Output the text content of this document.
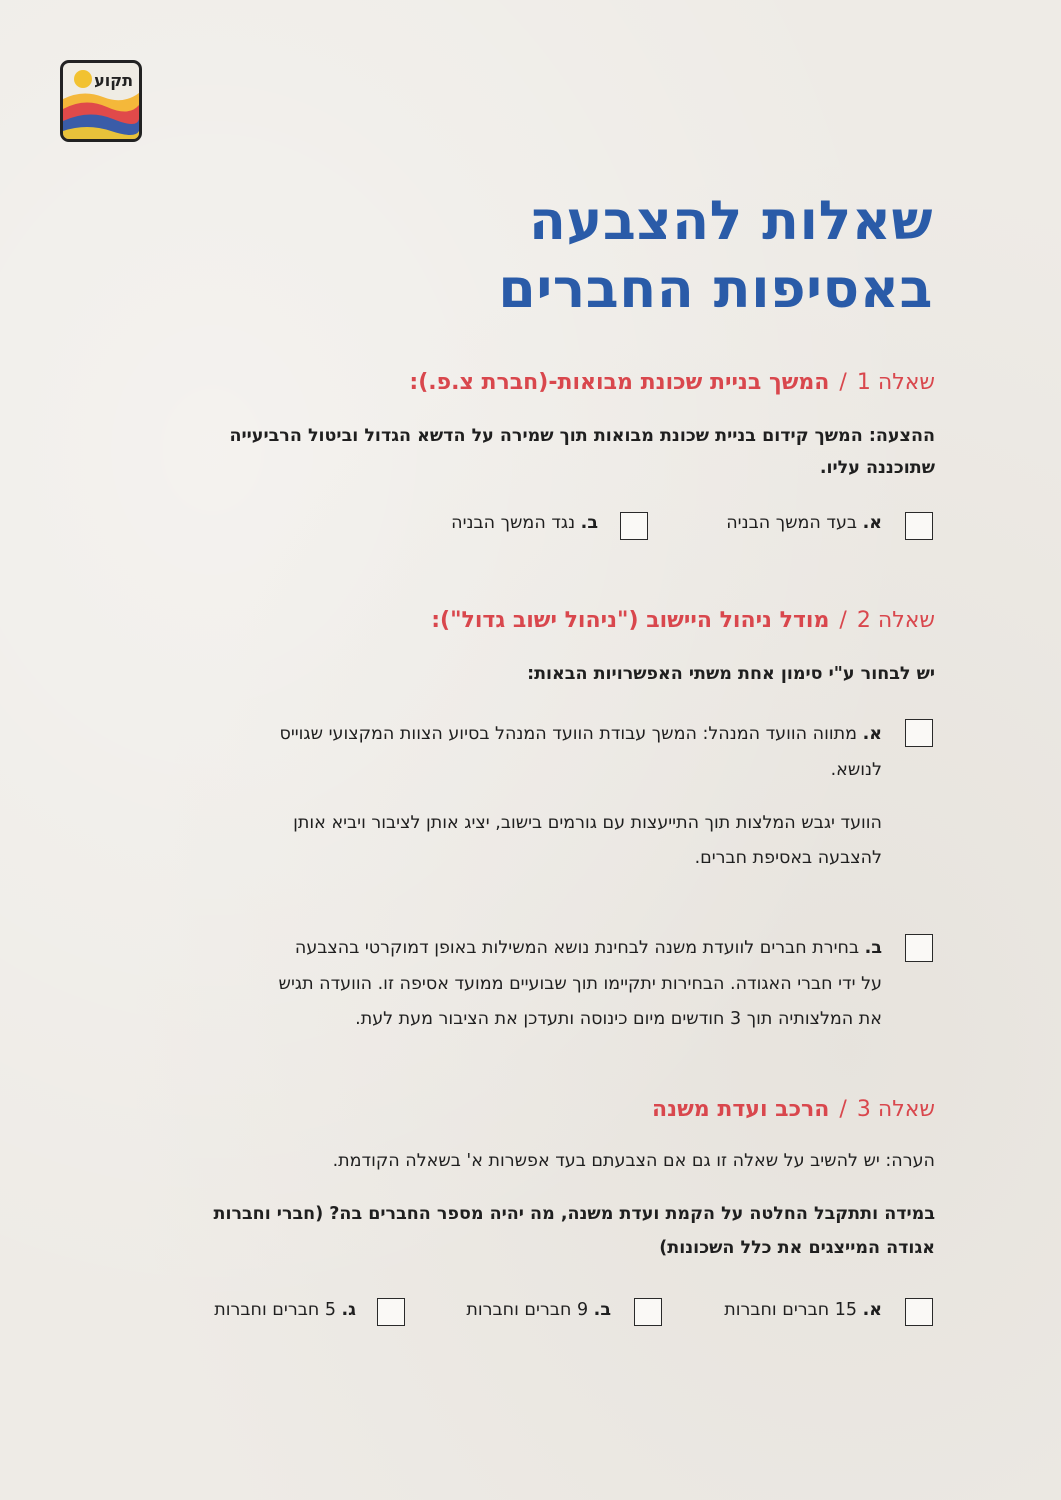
תקוע
שאלות להצבעה
באסיפות החברים
שאלה 1/המשך בניית שכונת מבואות-(חברת צ.פ.):
ההצעה: המשך קידום בניית שכונת מבואות תוך שמירה על הדשא הגדול וביטול הרביעייה
שתוכננה עליו.
א. בעד המשך הבניה
ב. נגד המשך הבניה
שאלה 2/מודל ניהול היישוב ("ניהול ישוב גדול"):
יש לבחור ע"י סימון אחת משתי האפשרויות הבאות:
א. מתווה הוועד המנהל: המשך עבודת הוועד המנהל בסיוע הצוות המקצועי שגוייס
לנושא.
הוועד יגבש המלצות תוך התייעצות עם גורמים בישוב, יציג אותן לציבור ויביא אותן
להצבעה באסיפת חברים.
ב. בחירת חברים לוועדת משנה לבחינת נושא המשילות באופן דמוקרטי בהצבעה
על ידי חברי האגודה. הבחירות יתקיימו תוך שבועיים ממועד אסיפה זו. הוועדה תגיש
את המלצותיה תוך 3 חודשים מיום כינוסה ותעדכן את הציבור מעת לעת.
שאלה 3/הרכב ועדת משנה
הערה: יש להשיב על שאלה זו גם אם הצבעתם בעד אפשרות א' בשאלה הקודמת.
במידה ותתקבל החלטה על הקמת ועדת משנה, מה יהיה מספר החברים בה? (חברי וחברות
אגודה המייצגים את כלל השכונות)
א. 15 חברים וחברות
ב. 9 חברים וחברות
ג. 5 חברים וחברות
